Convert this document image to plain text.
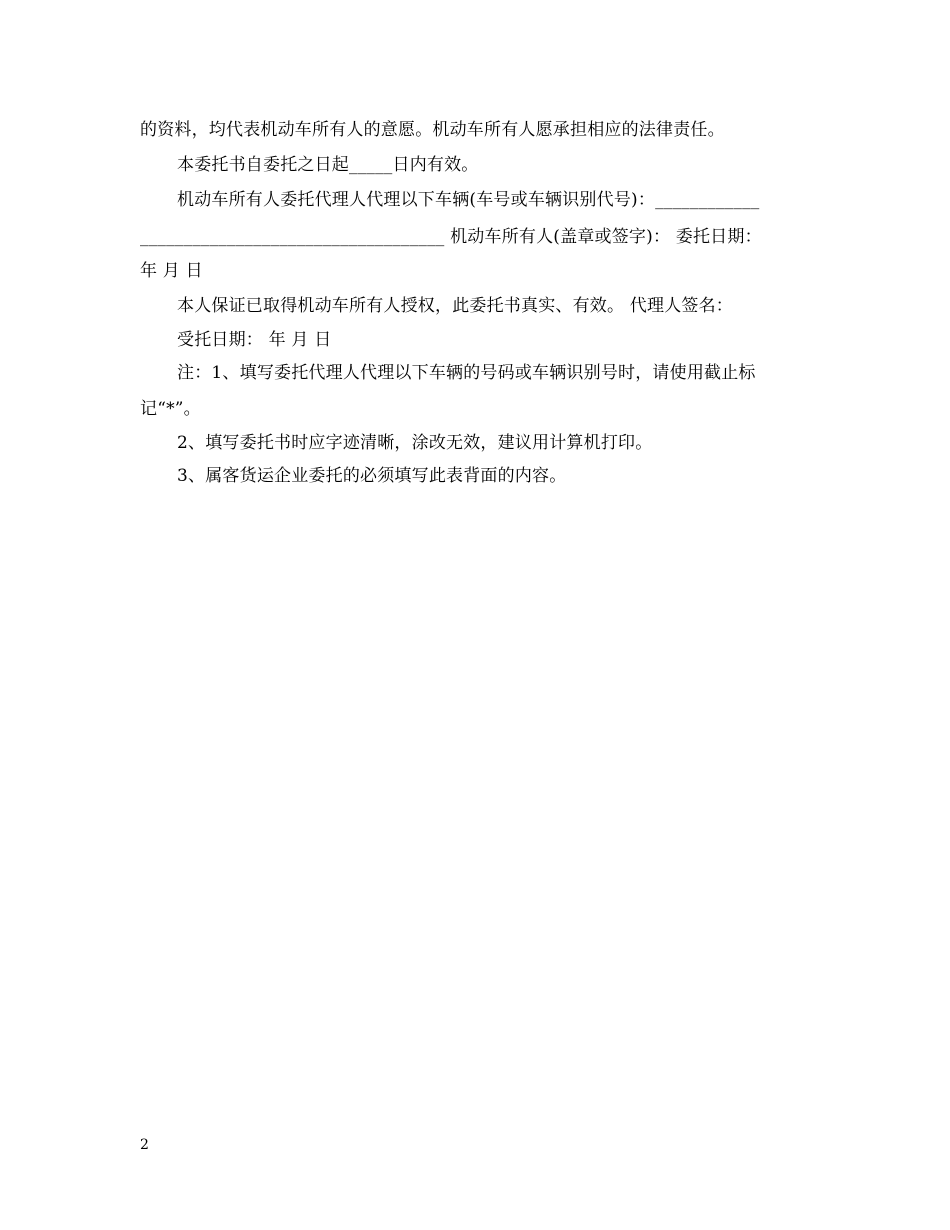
的资料，均代表机动车所有人的意愿。机动车所有人愿承担相应的法律责任。
本委托书自委托之日起_____日内有效。
机动车所有人委托代理人代理以下车辆(车号或车辆识别代号)：____________
___________________________________ 机动车所有人(盖章或签字)： 委托日期：
年 月 日
本人保证已取得机动车所有人授权，此委托书真实、有效。 代理人签名：
受托日期： 年 月 日
注：1、填写委托代理人代理以下车辆的号码或车辆识别号时，请使用截止标
记“*”。
2、填写委托书时应字迹清晰，涂改无效，建议用计算机打印。
3、属客货运企业委托的必须填写此表背面的内容。
2
